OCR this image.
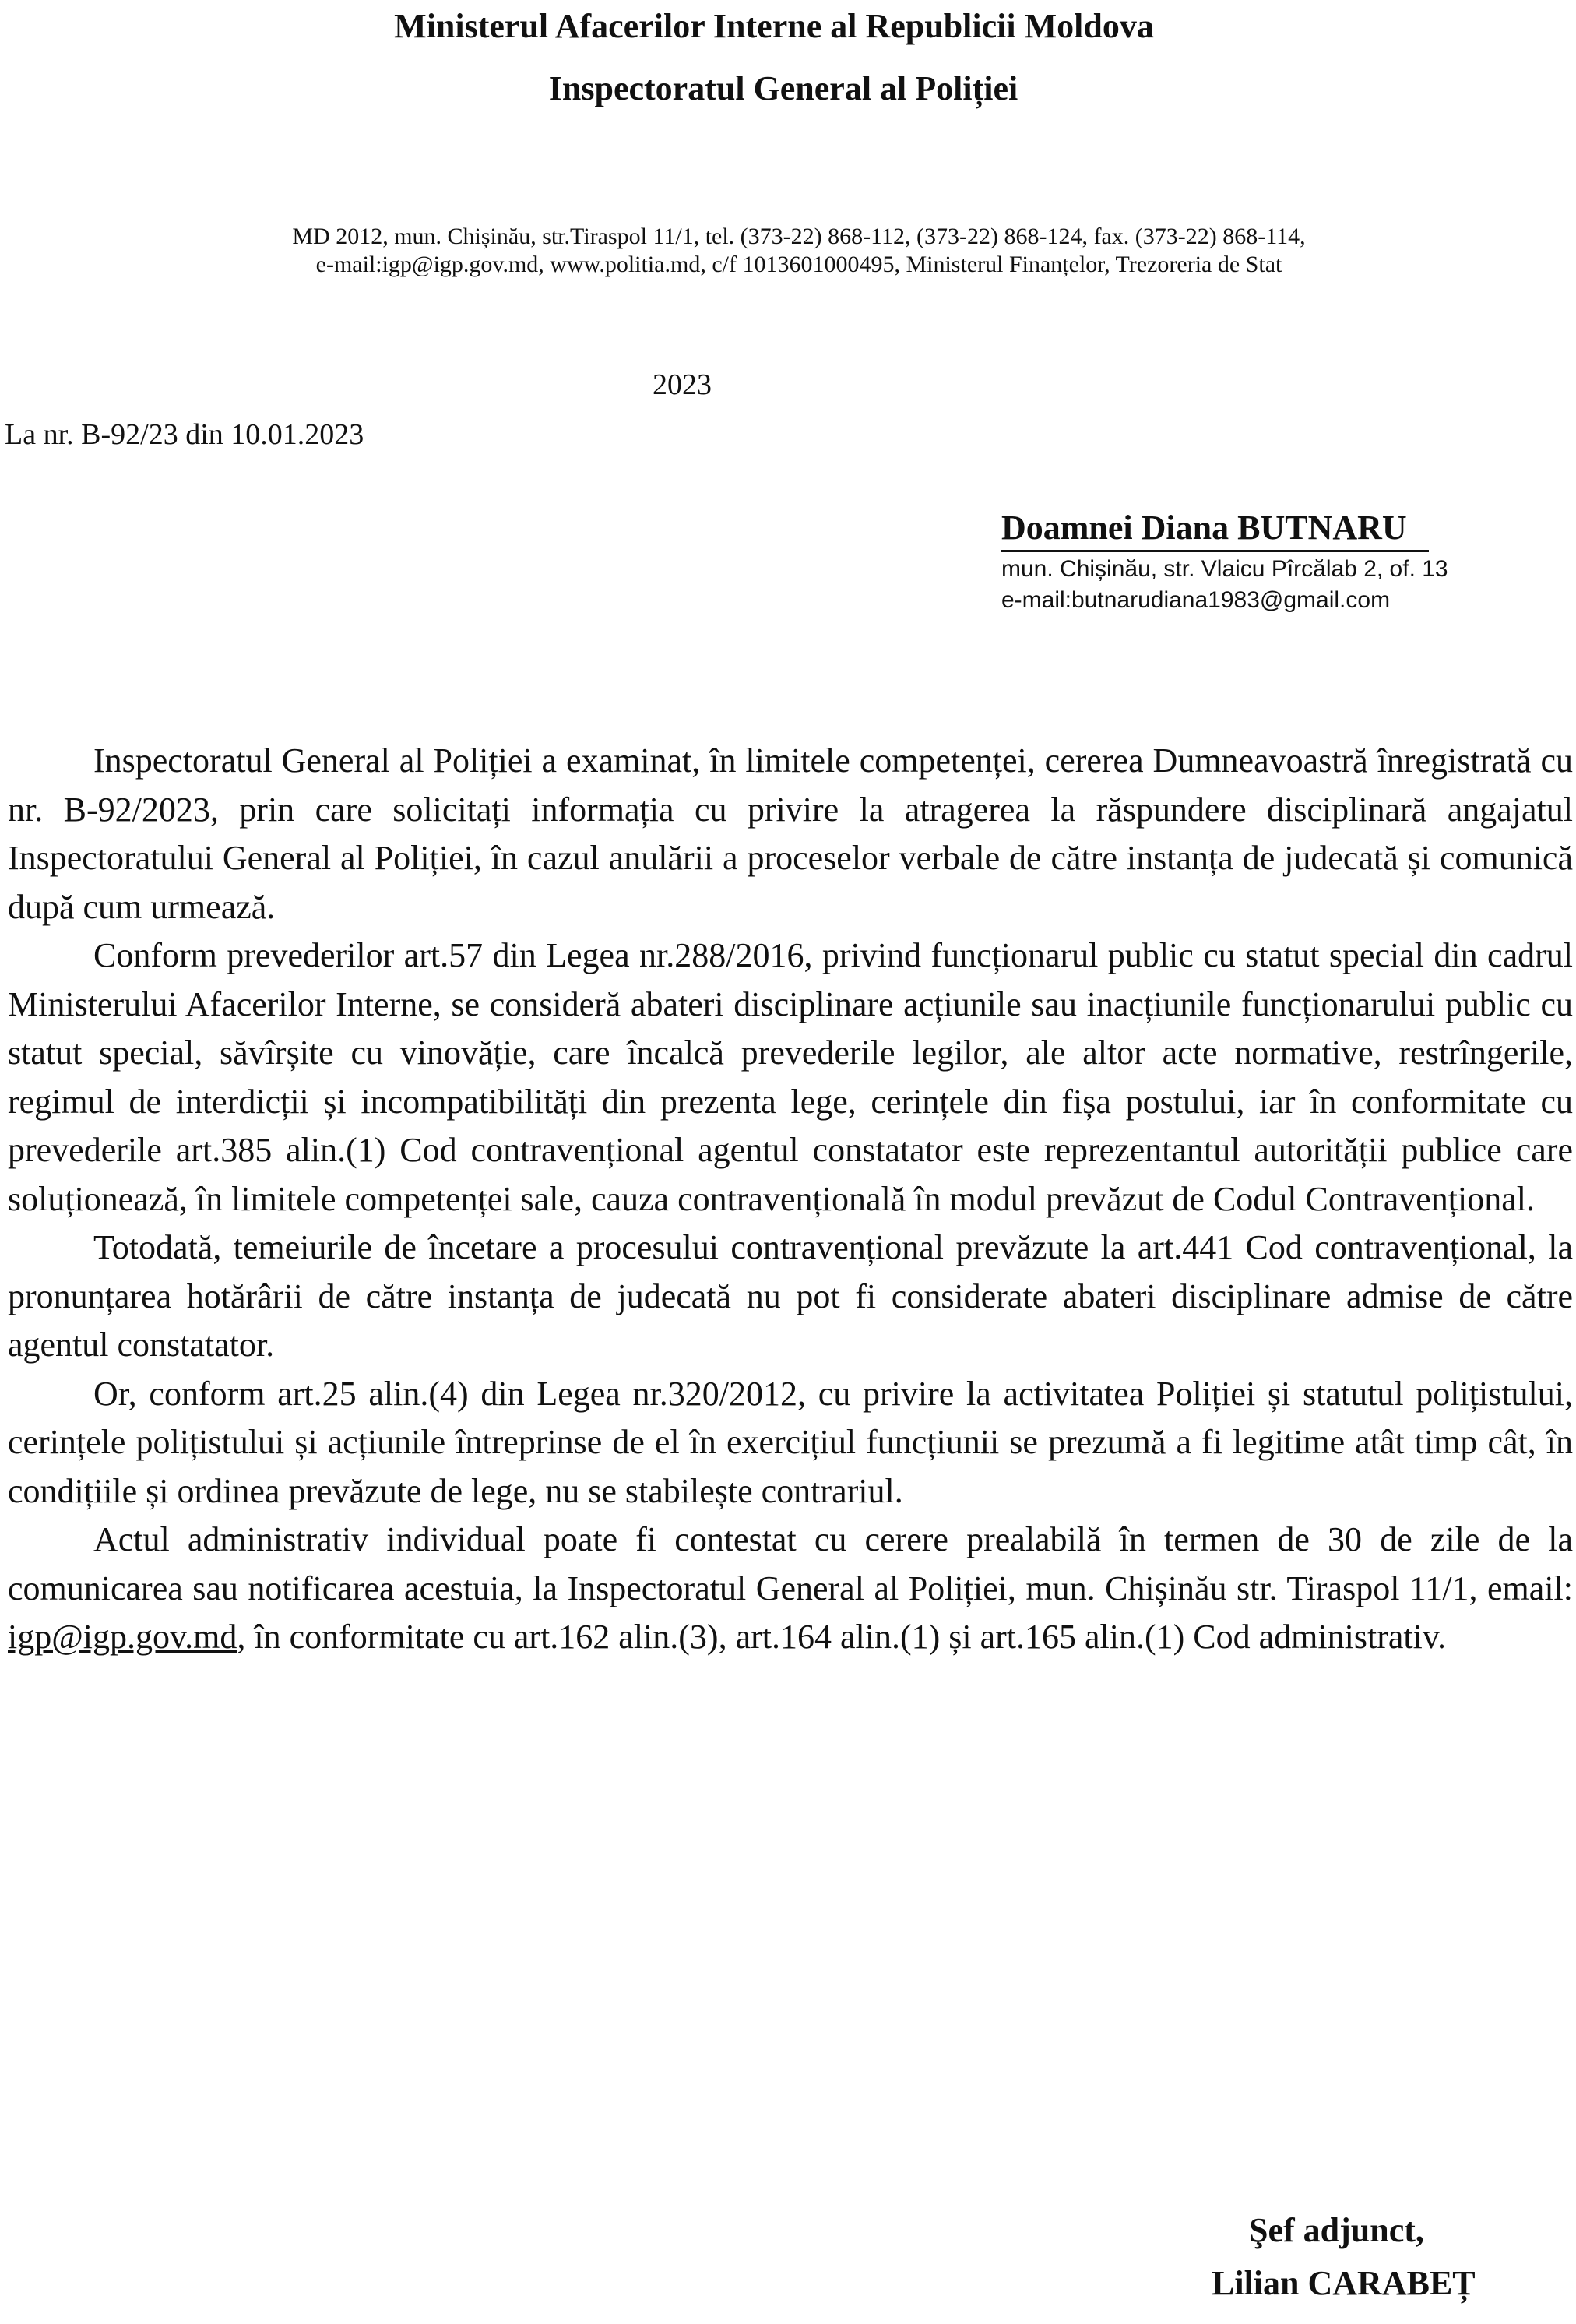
Ministerul Afacerilor Interne al Republicii Moldova
Inspectoratul General al Poliției
MD 2012, mun. Chișinău, str.Tiraspol 11/1, tel. (373-22) 868-112, (373-22) 868-124, fax. (373-22) 868-114,
e-mail:igp@igp.gov.md, www.politia.md, c/f 1013601000495, Ministerul Finanțelor, Trezoreria de Stat
2023
La nr. B-92/23 din 10.01.2023
Doamnei Diana BUTNARU
mun. Chișinău, str. Vlaicu Pîrcălab 2, of. 13
e-mail:butnarudiana1983@gmail.com

Inspectoratul General al Poliției a examinat, în limitele competenței, cererea Dumneavoastră înregistrată cu nr. B-92/2023, prin care solicitați informația cu privire la atragerea la răspundere disciplinară angajatul Inspectoratului General al Poliției, în cazul anulării a proceselor verbale de către instanța de judecată și comunică după cum urmează.

Conform prevederilor art.57 din Legea nr.288/2016, privind funcționarul public cu statut special din cadrul Ministerului Afacerilor Interne, se consideră abateri disciplinare acțiunile sau inacțiunile funcționarului public cu statut special, săvîrșite cu vinovăție, care încalcă prevederile legilor, ale altor acte normative, restrîngerile, regimul de interdicții și incompatibilități din prezenta lege, cerințele din fișa postului, iar în conformitate cu prevederile art.385 alin.(1) Cod contravențional agentul constatator este reprezentantul autorității publice care soluționează, în limitele competenței sale, cauza contravențională în modul prevăzut de Codul Contravențional.

Totodată, temeiurile de încetare a procesului contravențional prevăzute la art.441 Cod contravențional, la pronunțarea hotărârii de către instanța de judecată nu pot fi considerate abateri disciplinare admise de către agentul constatator.

Or, conform art.25 alin.(4) din Legea nr.320/2012, cu privire la activitatea Poliției și statutul polițistului, cerințele polițistului și acțiunile întreprinse de el în exercițiul funcțiunii se prezumă a fi legitime atât timp cât, în condițiile și ordinea prevăzute de lege, nu se stabilește contrariul.

Actul administrativ individual poate fi contestat cu cerere prealabilă în termen de 30 de zile de la comunicarea sau notificarea acestuia, la Inspectoratul General al Poliției, mun. Chișinău str. Tiraspol 11/1, email: igp@igp.gov.md, în conformitate cu art.162 alin.(3), art.164 alin.(1) și art.165 alin.(1) Cod administrativ.

Şef adjunct,
Lilian CARABEȚ
